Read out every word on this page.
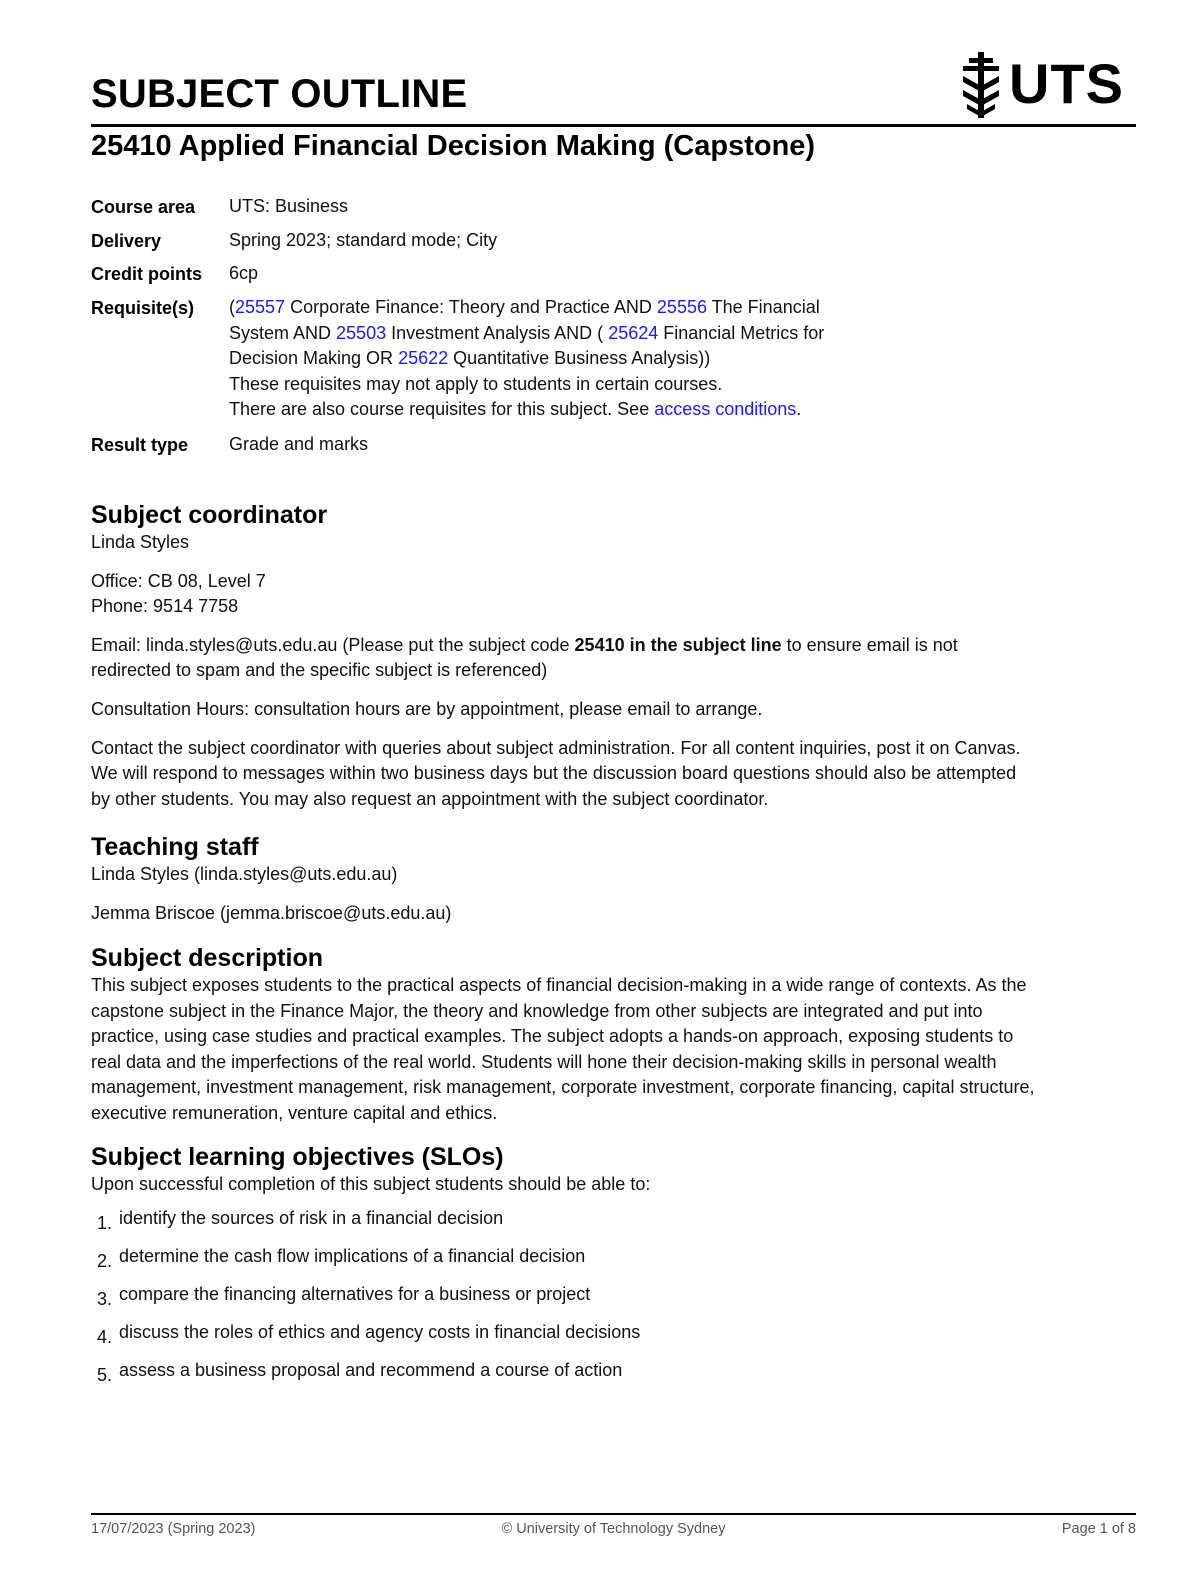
SUBJECT OUTLINE	UTS
25410 Applied Financial Decision Making (Capstone)
Course area UTS: Business
Delivery	Spring 2023; standard mode; City
Credit points 6cp
Requisite(s) (25557 Corporate Finance: Theory and Practice AND 25556 The Financial
System AND 25503 Investment Analysis AND ( 25624 Financial Metrics for
Decision Making OR 25622 Quantitative Business Analysis))
These requisites may not apply to students in certain courses.
There are also course requisites for this subject. See access conditions.
Result type Grade and marks
Subject coordinator

Linda Styles

Office: CB 08, Level 7

Phone: 9514 7758

Email: linda.styles@uts.edu.au (Please put the subject code 25410 in the subject line to ensure email is not
redirected to spam and the specific subject is referenced)

Consultation Hours: consultation hours are by appointment, please email to arrange.

Contact the subject coordinator with queries about subject administration. For all content inquiries, post it on Canvas.
We will respond to messages within two business days but the discussion board questions should also be attempted
by other students. You may also request an appointment with the subject coordinator.

Teaching staff

Linda Styles (linda.styles@uts.edu.au)

Jemma Briscoe (jemma.briscoe@uts.edu.au)

Subject description

This subject exposes students to the practical aspects of financial decision-making in a wide range of contexts. As the
capstone subject in the Finance Major, the theory and knowledge from other subjects are integrated and put into
practice, using case studies and practical examples. The subject adopts a hands-on approach, exposing students to
real data and the imperfections of the real world. Students will hone their decision-making skills in personal wealth
management, investment management, risk management, corporate investment, corporate financing, capital structure,
executive remuneration, venture capital and ethics.

Subject learning objectives (SLOs)

Upon successful completion of this subject students should be able to:

1. identify the sources of risk in a financial decision
2. determine the cash flow implications of a financial decision
3. compare the financing alternatives for a business or project
4. discuss the roles of ethics and agency costs in financial decisions
5. assess a business proposal and recommend a course of action
17/07/2023 (Spring 2023)	© University of Technology Sydney	Page 1 of 8
